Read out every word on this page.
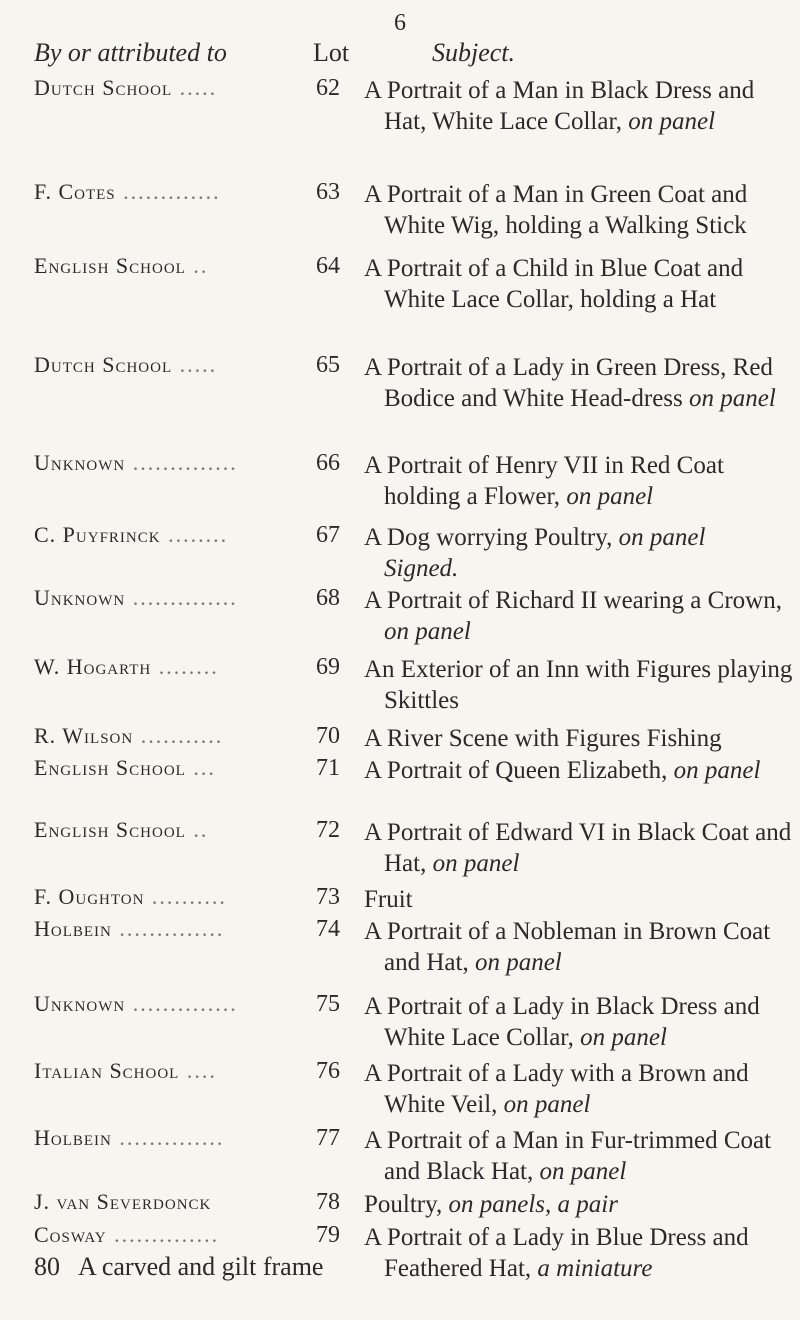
6
By or attributed to	Lot	Subject.
Dutch School .....	62 A Portrait of a Man in Black Dress and Hat, White Lace Collar, on panel
F. Cotes .............	63 A Portrait of a Man in Green Coat and White Wig, holding a Walking Stick
English School ..	64 A Portrait of a Child in Blue Coat and White Lace Collar, holding a Hat
Dutch School .....	65 A Portrait of a Lady in Green Dress, Red Bodice and White Head-dress on panel
Unknown ..............	66 A Portrait of Henry VII in Red Coat holding a Flower, on panel
C. Puyfrinck ........	67 A Dog worrying Poultry, on panel
Signed.
Unknown ..............	68 A Portrait of Richard II wearing a Crown, on panel
W. Hogarth ........	69 An Exterior of an Inn with Figures playing Skittles
R. Wilson ...........	70 A River Scene with Figures Fishing
English School ...	71 A Portrait of Queen Elizabeth, on panel
English School ..	72 A Portrait of Edward VI in Black Coat and Hat, on panel
F. Oughton ..........	73 Fruit
Holbein ..............	74 A Portrait of a Nobleman in Brown Coat and Hat, on panel
Unknown ..............	75 A Portrait of a Lady in Black Dress and White Lace Collar, on panel
Italian School ....	76 A Portrait of a Lady with a Brown and White Veil, on panel
Holbein ..............	77 A Portrait of a Man in Fur-trimmed Coat and Black Hat, on panel
J. van Severdonck	78 Poultry, on panels, a pair
Cosway ..............	79 A Portrait of a Lady in Blue Dress and Feathered Hat, a miniature
80 A carved and gilt frame
